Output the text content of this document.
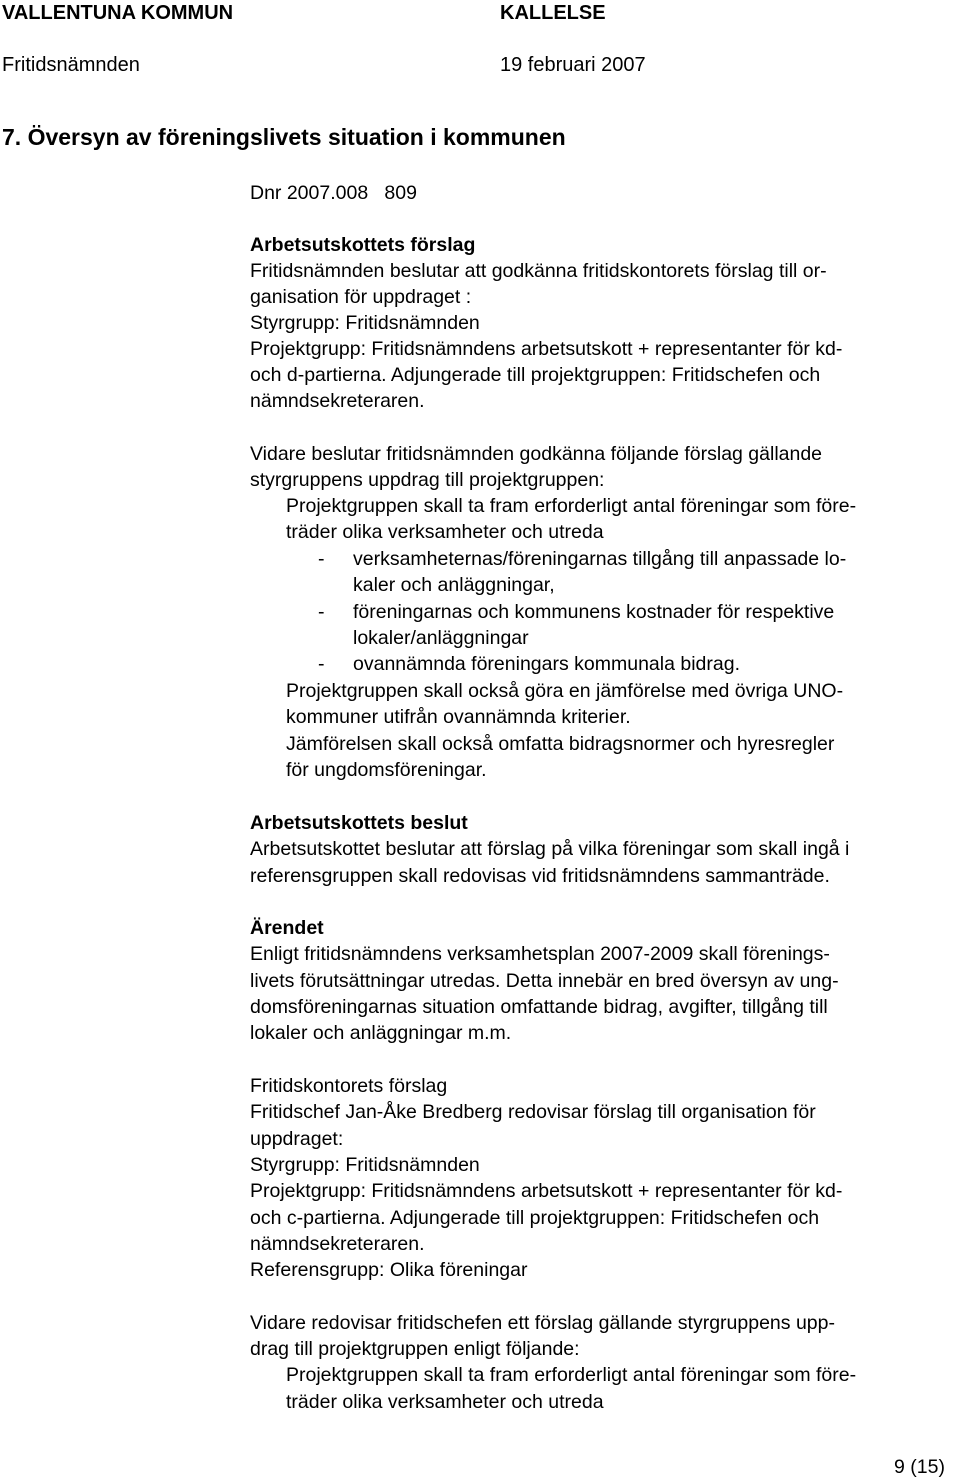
VALLENTUNA KOMMUN	KALLELSE
Fritidsnämnden	19 februari 2007
7. Översyn av föreningslivets situation i kommunen
Dnr 2007.008   809
Arbetsutskottets förslag
Fritidsnämnden beslutar att godkänna fritidskontorets förslag till or-
ganisation för uppdraget :
Styrgrupp: Fritidsnämnden
Projektgrupp: Fritidsnämndens arbetsutskott + representanter för kd-
och d-partierna. Adjungerade till projektgruppen: Fritidschefen och
nämndsekreteraren.
Vidare beslutar fritidsnämnden godkänna följande förslag gällande
styrgruppens uppdrag till projektgruppen:
Projektgruppen skall ta fram erforderligt antal föreningar som före-
träder olika verksamheter och utreda
- verksamheternas/föreningarnas tillgång till anpassade lo-
kaler och anläggningar,
- föreningarnas och kommunens kostnader för respektive
lokaler/anläggningar
- ovannämnda föreningars kommunala bidrag.
Projektgruppen skall också göra en jämförelse med övriga UNO-
kommuner utifrån ovannämnda kriterier.
Jämförelsen skall också omfatta bidragsnormer och hyresregler
för ungdomsföreningar.
Arbetsutskottets beslut
Arbetsutskottet beslutar att förslag på vilka föreningar som skall ingå i
referensgruppen skall redovisas vid fritidsnämndens sammanträde.
Ärendet
Enligt fritidsnämndens verksamhetsplan 2007-2009 skall förenings-
livets förutsättningar utredas. Detta innebär en bred översyn av ung-
domsföreningarnas situation omfattande bidrag, avgifter, tillgång till
lokaler och anläggningar m.m.
Fritidskontorets förslag
Fritidschef Jan-Åke Bredberg redovisar förslag till organisation för
uppdraget:
Styrgrupp: Fritidsnämnden
Projektgrupp: Fritidsnämndens arbetsutskott + representanter för kd-
och c-partierna. Adjungerade till projektgruppen: Fritidschefen och
nämndsekreteraren.
Referensgrupp: Olika föreningar
Vidare redovisar fritidschefen ett förslag gällande styrgruppens upp-
drag till projektgruppen enligt följande:
Projektgruppen skall ta fram erforderligt antal föreningar som före-
träder olika verksamheter och utreda
9 (15)
